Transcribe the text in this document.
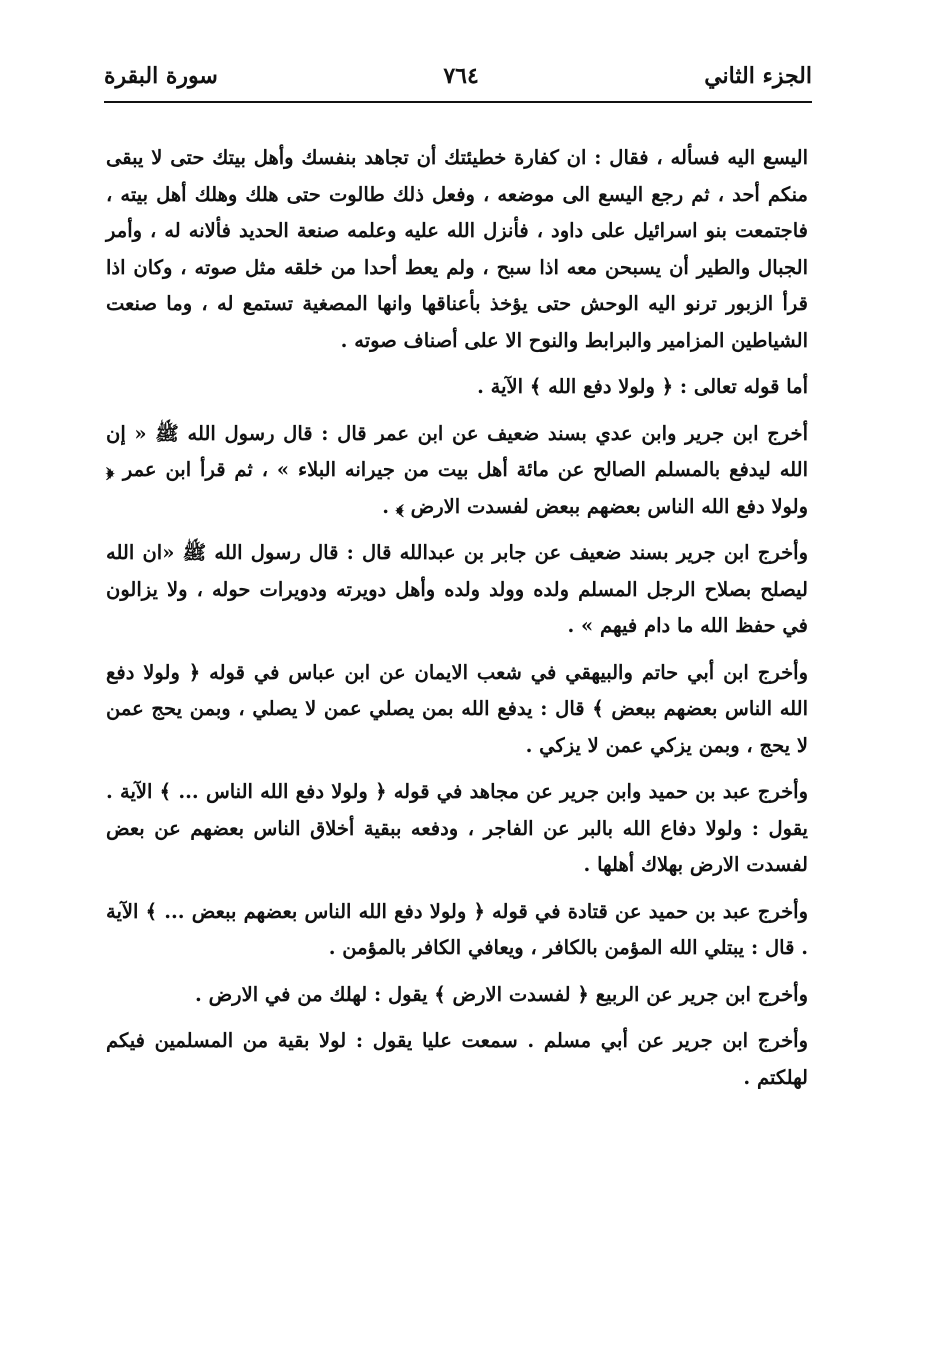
الجزء الثاني
٧٦٤
سورة البقرة

اليسع اليه فسأله ، فقال : ان كفارة خطيئتك أن تجاهد بنفسك وأهل بيتك حتى لا يبقى منكم أحد ، ثم رجع اليسع الى موضعه ، وفعل ذلك طالوت حتى هلك وهلك أهل بيته ، فاجتمعت بنو اسرائيل على داود ، فأنزل الله عليه وعلمه صنعة الحديد فألانه له ، وأمر الجبال والطير أن يسبحن معه اذا سبح ، ولم يعط أحدا من خلقه مثل صوته ، وكان اذا قرأ الزبور ترنو اليه الوحش حتى يؤخذ بأعناقها وانها المصغية تستمع له ، وما صنعت الشياطين المزامير والبرابط والنوح الا على أصناف صوته .

أما قوله تعالى : ﴿ ولولا دفع الله ﴾ الآية .

أخرج ابن جرير وابن عدي بسند ضعيف عن ابن عمر قال : قال رسول الله ﷺ « إن الله ليدفع بالمسلم الصالح عن مائة أهل بيت من جيرانه البلاء » ، ثم قرأ ابن عمر ﴿ ولولا دفع الله الناس بعضهم ببعض لفسدت الارض ﴾ .

وأخرج ابن جرير بسند ضعيف عن جابر بن عبدالله قال : قال رسول الله ﷺ «ان الله ليصلح بصلاح الرجل المسلم ولده وولد ولده وأهل دويرته ودويرات حوله ، ولا يزالون في حفظ الله ما دام فيهم » .

وأخرج ابن أبي حاتم والبيهقي في شعب الايمان عن ابن عباس في قوله ﴿ ولولا دفع الله الناس بعضهم ببعض ﴾ قال : يدفع الله بمن يصلي عمن لا يصلي ، وبمن يحج عمن لا يحج ، وبمن يزكي عمن لا يزكي .

وأخرج عبد بن حميد وابن جرير عن مجاهد في قوله ﴿ ولولا دفع الله الناس ... ﴾ الآية . يقول : ولولا دفاع الله بالبر عن الفاجر ، ودفعه ببقية أخلاق الناس بعضهم عن بعض لفسدت الارض بهلاك أهلها .

وأخرج عبد بن حميد عن قتادة في قوله ﴿ ولولا دفع الله الناس بعضهم ببعض ... ﴾ الآية . قال : يبتلي الله المؤمن بالكافر ، ويعافي الكافر بالمؤمن .

وأخرج ابن جرير عن الربيع ﴿ لفسدت الارض ﴾ يقول : لهلك من في الارض .

وأخرج ابن جرير عن أبي مسلم . سمعت عليا يقول : لولا بقية من المسلمين فيكم لهلكتم .
